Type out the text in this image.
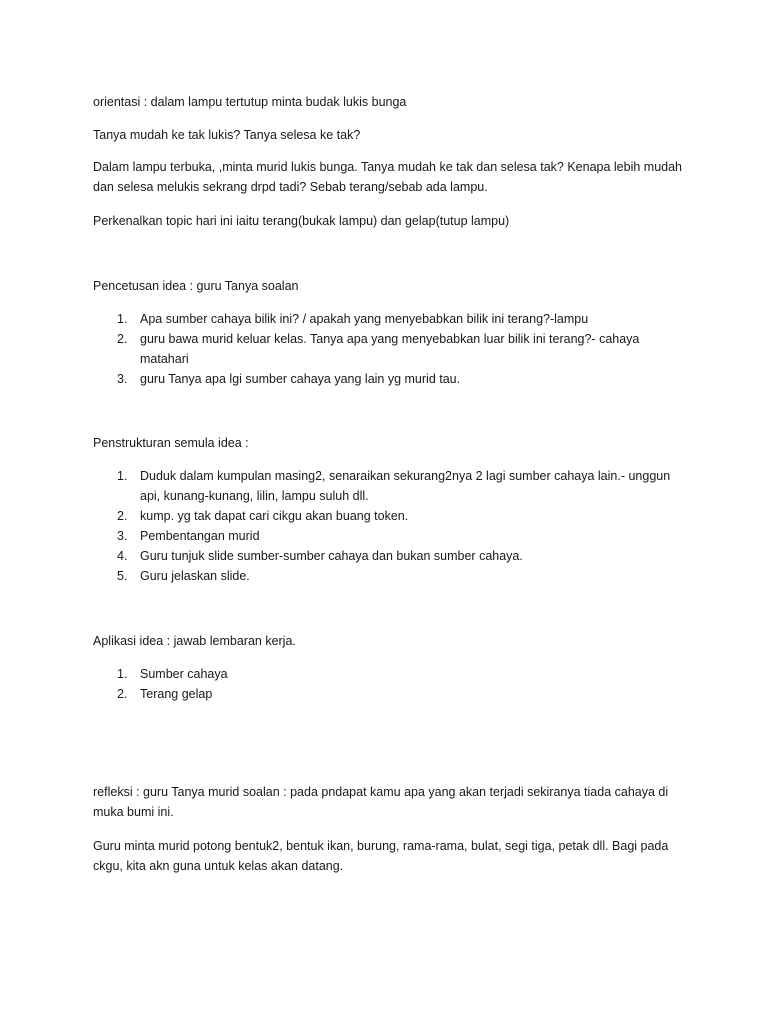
orientasi : dalam lampu tertutup minta budak lukis bunga

Tanya mudah ke tak lukis? Tanya selesa ke tak?

Dalam lampu terbuka, ,minta murid lukis bunga. Tanya mudah ke tak dan selesa tak? Kenapa lebih mudah dan selesa melukis sekrang drpd tadi? Sebab terang/sebab ada lampu.

Perkenalkan topic hari ini iaitu terang(bukak lampu) dan gelap(tutup lampu)

Pencetusan idea : guru Tanya soalan

1. Apa sumber cahaya bilik ini? / apakah yang menyebabkan bilik ini terang?-lampu
2. guru bawa murid keluar kelas. Tanya apa yang menyebabkan luar bilik ini terang?- cahaya matahari
3. guru Tanya apa lgi sumber cahaya yang lain yg murid tau.

Penstrukturan semula idea :

1. Duduk dalam kumpulan masing2, senaraikan sekurang2nya 2 lagi sumber cahaya lain.- unggun api, kunang-kunang, lilin, lampu suluh dll.
2. kump. yg tak dapat cari cikgu akan buang token.
3. Pembentangan murid
4. Guru tunjuk slide sumber-sumber cahaya dan bukan sumber cahaya.
5. Guru jelaskan slide.

Aplikasi idea : jawab lembaran kerja.

1. Sumber cahaya
2. Terang gelap

refleksi : guru Tanya murid soalan : pada pndapat kamu apa yang akan terjadi sekiranya tiada cahaya di muka bumi ini.

Guru minta murid potong bentuk2, bentuk ikan, burung, rama-rama, bulat, segi tiga, petak dll. Bagi pada ckgu, kita akn guna untuk kelas akan datang.
